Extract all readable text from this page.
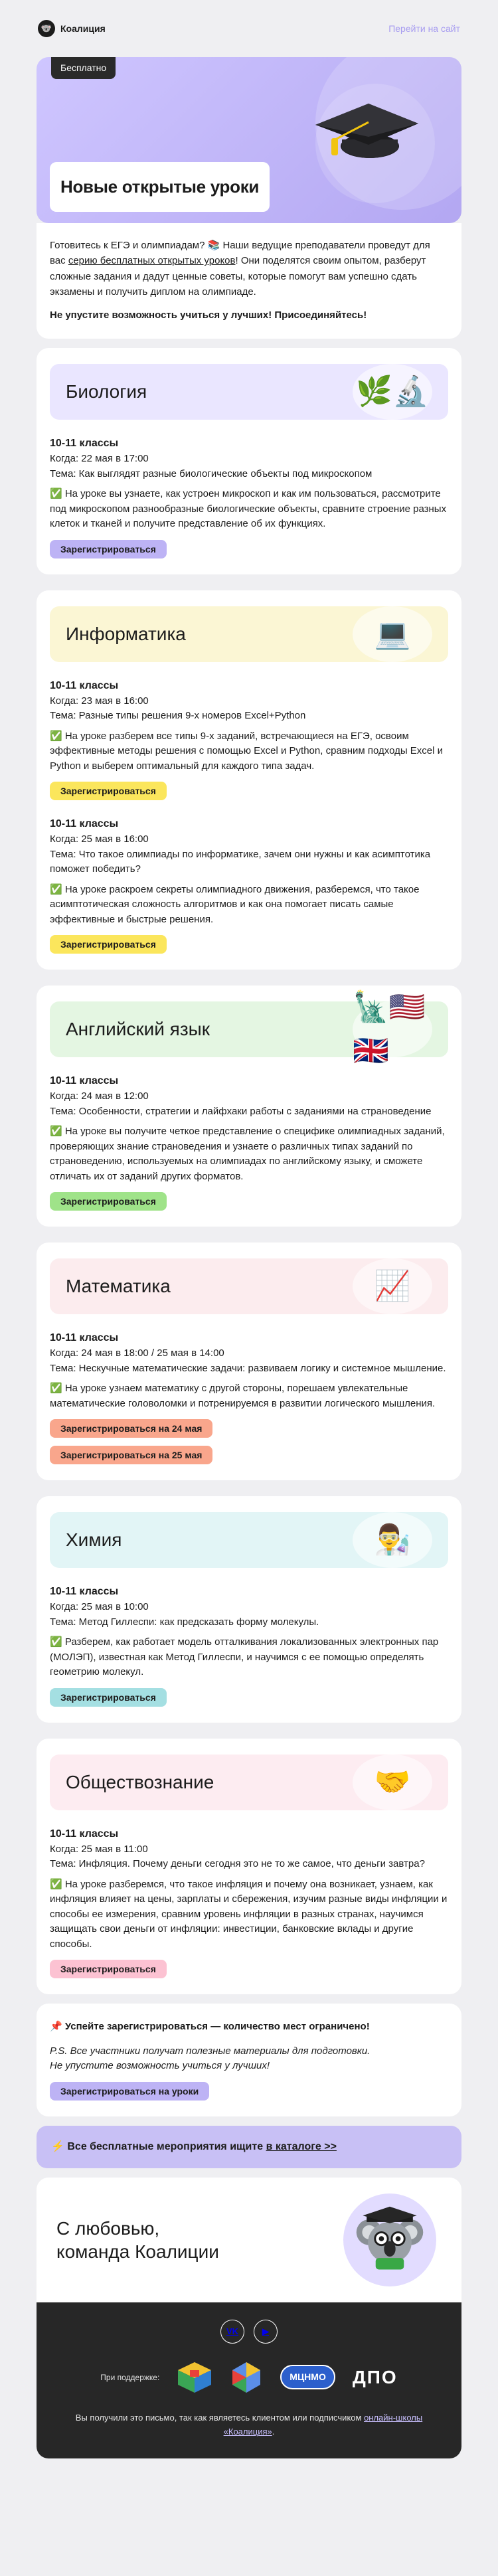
🐨 Коалиция	Перейти на сайт
Бесплатно
Новые открытые уроки

Готовитесь к ЕГЭ и олимпиадам? 📚 Наши ведущие преподаватели проведут для вас серию бесплатных открытых уроков! Они поделятся своим опытом, разберут сложные задания и дадут ценные советы, которые помогут вам успешно сдать экзамены и получить диплом на олимпиаде.

Не упустите возможность учиться у лучших! Присоединяйтесь!

Биология	🌿🔬

10-11 классы

Когда: 22 мая в 17:00

Тема: Как выглядят разные биологические объекты под микроскопом

✅ На уроке вы узнаете, как устроен микроскоп и как им пользоваться, рассмотрите под микроскопом разнообразные биологические объекты, сравните строение разных клеток и тканей и получите представление об их функциях.

Зарегистрироваться
Информатика	💻

10-11 классы

Когда: 23 мая в 16:00

Тема: Разные типы решения 9-х номеров Excel+Python

✅ На уроке разберем все типы 9-х заданий, встречающиеся на ЕГЭ, освоим эффективные методы решения с помощью Excel и Python, сравним подходы Excel и Python и выберем оптимальный для каждого типа задач.

Зарегистрироваться

10-11 классы

Когда: 25 мая в 16:00

Тема: Что такое олимпиады по информатике, зачем они нужны и как асимптотика поможет победить?

✅ На уроке раскроем секреты олимпиадного движения, разберемся, что такое асимптотическая сложность алгоритмов и как она помогает писать самые эффективные и быстрые решения.

Зарегистрироваться
Английский язык
🗽🇺🇸🇬🇧

10-11 классы

Когда: 24 мая в 12:00

Тема: Особенности, стратегии и лайфхаки работы с заданиями на страноведение

✅ На уроке вы получите четкое представление о специфике олимпиадных заданий, проверяющих знание страноведения и узнаете о различных типах заданий по страноведению, используемых на олимпиадах по английскому языку, и сможете отличать их от заданий других форматов.

Зарегистрироваться
Математика	📈

10-11 классы

Когда: 24 мая в 18:00 / 25 мая в 14:00

Тема: Нескучные математические задачи: развиваем логику и системное мышление.

✅ На уроке узнаем математику с другой стороны, порешаем увлекательные математические головоломки и потренируемся в развитии логического мышления.

Зарегистрироваться на 24 мая
Зарегистрироваться на 25 мая
Химия	👨‍🔬

10-11 классы

Когда: 25 мая в 10:00

Тема: Метод Гиллеспи: как предсказать форму молекулы.

✅ Разберем, как работает модель отталкивания локализованных электронных пар (МОЛЭП), известная как Метод Гиллеспи, и научимся с ее помощью определять геометрию молекул.

Зарегистрироваться
Обществознание	🤝

10-11 классы

Когда: 25 мая в 11:00

Тема: Инфляция. Почему деньги сегодня это не то же самое, что деньги завтра?

✅ На уроке разберемся, что такое инфляция и почему она возникает, узнаем, как инфляция влияет на цены, зарплаты и сбережения, изучим разные виды инфляции и способы ее измерения, сравним уровень инфляции в разных странах, научимся защищать свои деньги от инфляции: инвестиции, банковские вклады и другие способы.

Зарегистрироваться

📌 Успейте зарегистрироваться — количество мест ограничено!

P.S. Все участники получат полезные материалы для подготовки.

Не упустите возможность учиться у лучших!

Зарегистрироваться на уроки
⚡ Все бесплатные мероприятия ищите
в каталоге >>
С любовью,
команда Коалиции
VK	▶
При поддержке:	МЦНМО	ДПО

Вы получили это письмо, так как являетесь клиентом или подписчиком онлайн-школы «Коалиция».
